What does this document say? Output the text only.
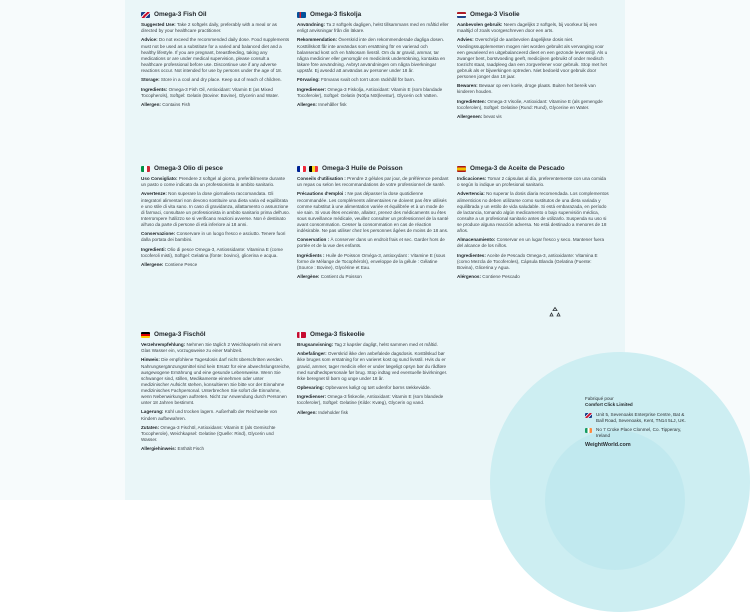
Omega-3 Fish Oil

Suggested Use: Take 2 softgels daily, preferably with a meal or as directed by your healthcare practitioner.

Advice: Do not exceed the recommended daily dose. Food supplements must not be used as a substitute for a varied and balanced diet and a healthy lifestyle. If you are pregnant, breastfeeding, taking any medications or are under medical supervision, please consult a healthcare professional before use. Discontinue use if any adverse reactions occur. Not intended for use by persons under the age of 18.

Storage: Store in a cool and dry place. Keep out of reach of children.

Ingredients: Omega-3 Fish Oil, Antioxidant: Vitamin E (as Mixed Tocopherols), Softgel: Gelatin (Bovine: Bovine), Glycerin and Water.

Allergen: Contains Fish

Omega-3 fiskolja

Användning: Ta 2 softgels dagligen, helst tillsammans med en måltid eller enligt anvisningar från din läkare.

Rekommendation: Överskrid inte den rekommenderade dagliga dosen. Kosttillskott får inte användas som ersättning för en varierad och balanserad kost och en hälsosam livsstil. Om du är gravid, ammar, tar några mediciner eller genomgår en medicinsk undersökning, kontakta en läkare före användning. Avbryt användningen om några biverkningar uppstår. Ej avsedd att användas av personer under 18 år.

Förvaring: Förvaras svalt och torrt utom räckhåll för barn.

Ingredienser: Omega-3 Fiskolja, Antioxidant: Vitamin E (som blandade Tocoferoler), Softgel: Gelatin (Nöt)a Nöt)levstur), Glycerin och Vatten.

Allergen: Innehåller fisk

Omega-3 Visolie

Aanbevolen gebruik: Neem dagelijks 2 softgels, bij voorkeur bij een maaltijd of zoals voorgeschreven door een arts.

Advies: Overschrijd de aanbevolen dagelijkse dosis niet. Voedingssupplementen mogen niet worden gebruikt als vervanging voor een gevarieerd en uitgebalanceerd dieet en een gezonde levensstijl. Als u zwanger bent, borstvoeding geeft, medicijnen gebruikt of onder medisch toezicht staat, raadpleeg dan een zorgverlener voor gebruik. Stop met het gebruik als er bijwerkingen optreden. Niet bedoeld voor gebruik door personen jonger dan 18 jaar.

Bewaren: Bewaar op een koele, droge plaats. Buiten het bereik van kinderen houden.

Ingrediënten: Omega-3 Visolie, Antioxidant: Vitamine E (als gemengde tocoferolen), Softgel: Gelatine (Rund: Rund), Glycerine en Water.

Allergenen: bevat vis

Omega-3 Olio di pesce

Uso Consigliato: Prendere 2 softgel al giorno, preferibilmente durante un pasto o come indicato da un professionista in ambito sanitario.

Avvertenze: Non superare la dose giornaliera raccomandata. Gli integratori alimentari non devono sostituire una dieta varia ed equilibrata e uno stile di vita sano. In caso di gravidanza, allattamento o assunzione di farmaci, consultare un professionista in ambito sanitario prima dell'uso. Interrompere l'utilizzo se si verificano reazioni avverse. Non è destinato all'uso da parte di persone di età inferiore ai 18 anni.

Conservazione: Conservare in un luogo fresco e asciutto. Tenere fuori dalla portata dei bambini.

Ingredienti: Olio di pesce Omega-3, Antiossidante: Vitamina E (come tocoferoli misti), Softgel: Gelatina (fonte: bovino), glicerina e acqua.

Allergene: Contiene Pesce

Omega-3 Huile de Poisson

Conseils d'utilisation : Prendre 2 gélules par jour, de préférence pendant un repas ou selon les recommandations de votre professionnel de santé.

Précautions d'emploi : Ne pas dépasser la dose quotidienne recommandée. Les compléments alimentaires ne doivent pas être utilisés comme substitut à une alimentation variée et équilibrée et à un mode de vie sain. Si vous êtes enceinte, allaitez, prenez des médicaments ou êtes sous surveillance médicale, veuillez consulter un professionnel de la santé avant consommation. Cesser la consommation en cas de réaction indésirable. Ne pas utiliser chez les personnes âgées de moins de 18 ans.

Conservation : À conserver dans un endroit frais et sec. Garder hors de portée et de la vue des enfants.

Ingrédients : Huile de Poisson Oméga-3, antioxydant : Vitamine E (sous forme de Mélange de Tocophérols), enveloppe de la gélule : Gélatine (Source : Bovine), Glycérine et Eau.

Allergène: Contient du Poisson

Omega-3 de Aceite de Pescado

Indicaciones: Tomar 2 cápsulas al día, preferentemente con una comida o según lo indique un profesional sanitario.

Advertencia: No superar la dosis diaria recomendada. Los complementos alimenticios no deben utilizarse como sustitutos de una dieta variada y equilibrada y un estilo de vida saludable. Si está embarazada, en período de lactancia, tomando algún medicamento o bajo supervisión médica, consulte a un profesional sanitario antes de utilizarlo. Suspenda su uso si se produce alguna reacción adversa. No está destinado a menores de 18 años.

Almacenamiento: Conservar en un lugar fresco y seco. Mantener fuera del alcance de los niños.

Ingredientes: Aceite de Pescado Omega-3, antioxidante: Vitamina E (como Mezcla de Tocoferoles), Cápsula Blanda (Gelatina (Fuente: Bovina), Glicerina y Agua.

Alérgenos: Contiene Pescado

Omega-3 Fischöl

Verzehrempfehlung: Nehmen Sie täglich 2 Weichkapseln mit einem Glas Wasser ein, vorzugsweise zu einer Mahlzeit.

Hinweis: Die empfohlene Tagesdosis darf nicht überschritten werden. Nahrungsergänzungsmittel sind kein Ersatz für eine abwechslungsreiche, ausgewogene Ernährung und eine gesunde Lebensweise. Wenn Sie schwanger sind, stillen, Medikamente einnehmen oder unter medizinischer Aufsicht stehen, konsultieren Sie bitte vor der Einnahme medizinisches Fachpersonal. Unterbrechen Sie sofort die Einnahme, wenn Nebenwirkungen auftreten. Nicht zur Anwendung durch Personen unter 18 Jahren bestimmt.

Lagerung: Kühl und trocken lagern. Außerhalb der Reichweite von Kindern aufbewahren.

Zutaten: Omega-3 Fischöl, Antioxidans: Vitamin E (als Gemischte Tocopherole), Weichkapsel: Gelatine (Quelle: Rind), Glycerin und Wasser.

Allergiehinweis: Enthält Fisch

Omega-3 fiskeolie

Brugsanvisning: Tag 2 kapsler dagligt, helst sammen med et måltid.

Anbefalinger: Overskrid ikke den anbefalede dagsdosis. Kosttilskud bør ikke bruges som erstatning for en varieret kost og sund livsstil. Hvis du er gravid, ammer, tager medicin eller er under lægeligt opsyn bør du rådføre med sundhedspersonale før brug. Stop indtag ved eventuelle bivirkninger. Ikke beregnet til børn og unge under 18 år.

Opbevaring: Opbevares køligt og tørt udenfor børns rækkevidde.

Ingredienser: Omega-3 fiskeolie, Antioxidant: Vitamin E (som blandede tocoferoler), Softgel: Gelatine (Kilde: Kvæg), Glycerin og vand.

Allergen: Indeholder fisk

Fabriqué pour
Comfort Click Limited
Unit 5, Sevenoaks Enterprise Centre, Bat & Ball Road, Sevenoaks, Kent, TN14 5LJ, UK.
No 7 Croke Place Clonmel, Co. Tipperary, Ireland
WeightWorld.com
